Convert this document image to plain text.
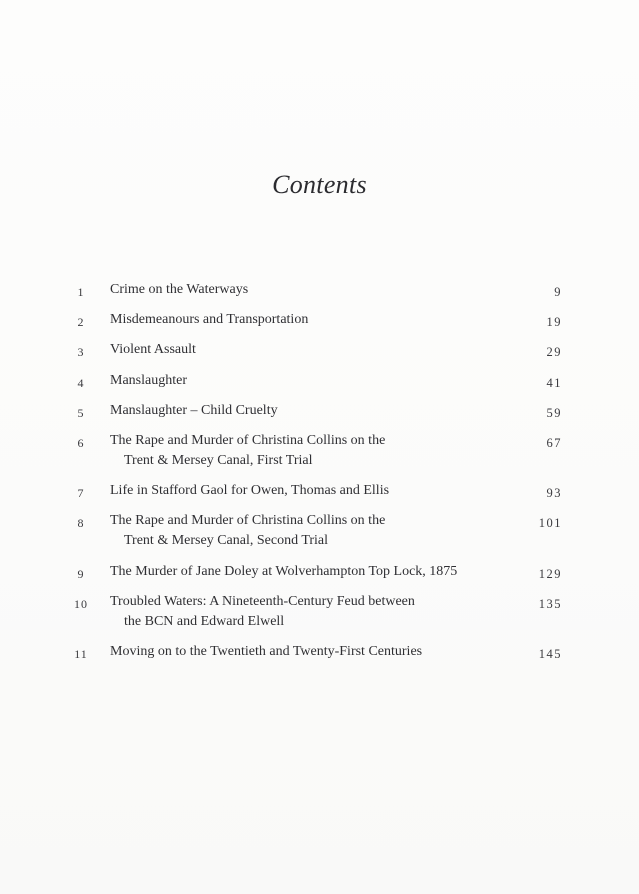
Contents
1	Crime on the Waterways	9
2	Misdemeanours and Transportation	19
3	Violent Assault	29
4	Manslaughter	41
5	Manslaughter – Child Cruelty	59
6	The Rape and Murder of Christina Collins on the
Trent & Mersey Canal, First Trial
67
7	Life in Stafford Gaol for Owen, Thomas and Ellis	93
8	The Rape and Murder of Christina Collins on the
Trent & Mersey Canal, Second Trial
101
9	The Murder of Jane Doley at Wolverhampton Top Lock, 1875	129
10 Troubled Waters: A Nineteenth-Century Feud between
the BCN and Edward Elwell
135
11	Moving on to the Twentieth and Twenty-First Centuries	145
